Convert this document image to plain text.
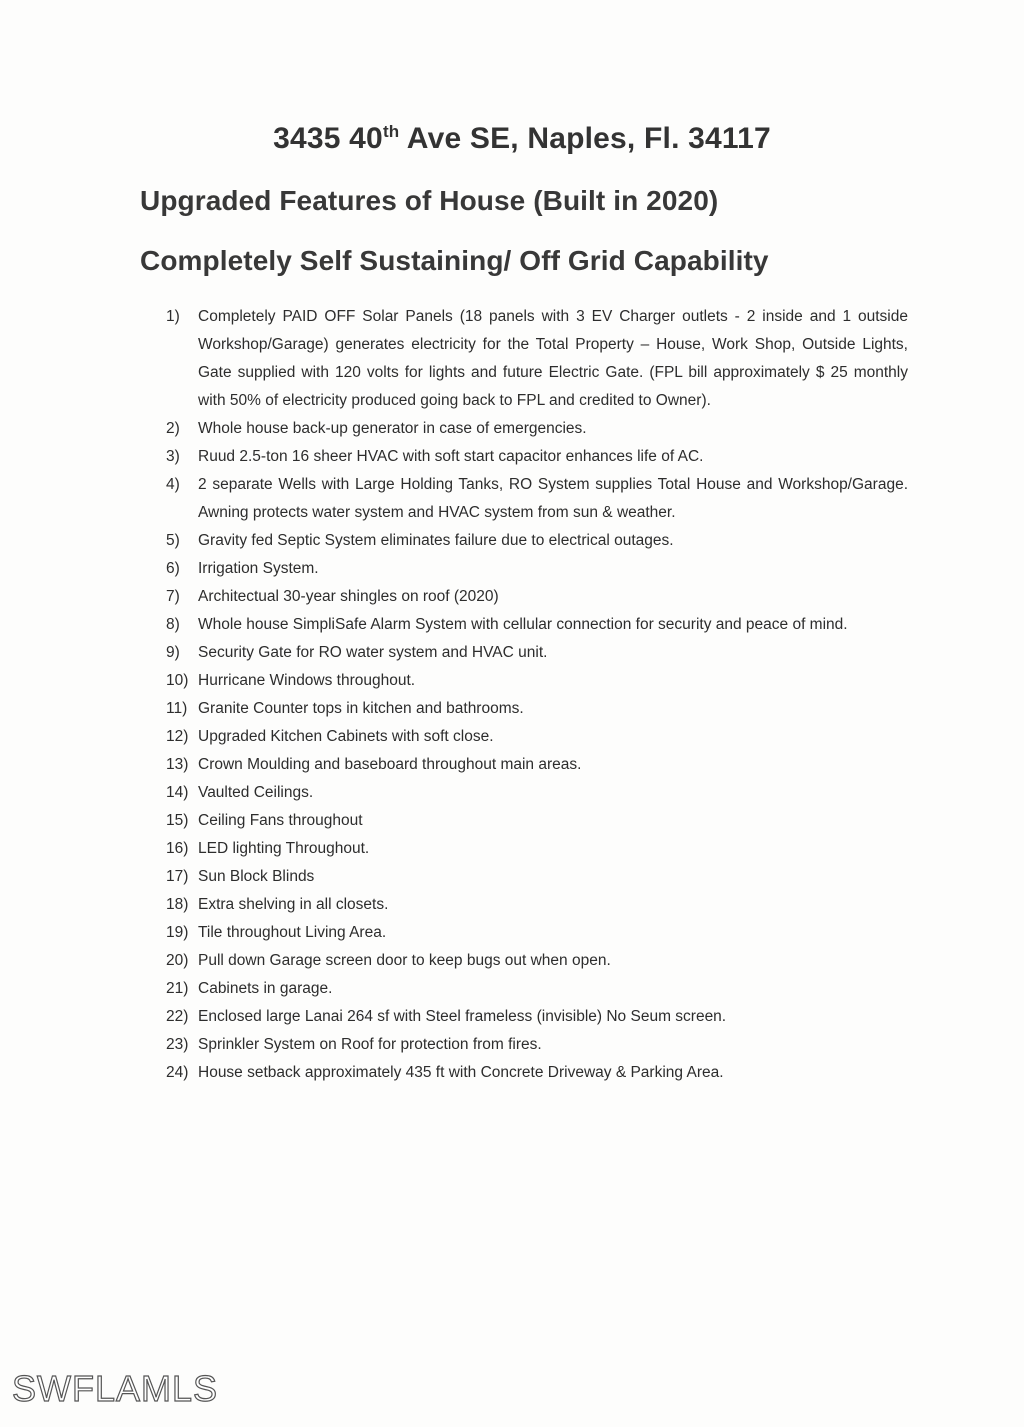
3435 40th Ave SE, Naples, Fl. 34117
Upgraded Features of House (Built in 2020)
Completely Self Sustaining/ Off Grid Capability
1)	Completely PAID OFF Solar Panels (18 panels with 3 EV Charger outlets - 2 inside and 1 outside Workshop/Garage) generates electricity for the Total Property – House, Work Shop, Outside Lights, Gate supplied with 120 volts for lights and future Electric Gate. (FPL bill approximately $ 25 monthly with 50% of electricity produced going back to FPL and credited to Owner).
2)	Whole house back-up generator in case of emergencies.
3)	Ruud 2.5-ton 16 sheer HVAC with soft start capacitor enhances life of AC.
4)	2 separate Wells with Large Holding Tanks, RO System supplies Total House and Workshop/Garage. Awning protects water system and HVAC system from sun & weather.
5)	Gravity fed Septic System eliminates failure due to electrical outages.
6)	Irrigation System.
7)	Architectual 30-year shingles on roof (2020)
8)	Whole house SimpliSafe Alarm System with cellular connection for security and peace of mind.
9)	Security Gate for RO water system and HVAC unit.
10) Hurricane Windows throughout.
11) Granite Counter tops in kitchen and bathrooms.
12) Upgraded Kitchen Cabinets with soft close.
13) Crown Moulding and baseboard throughout main areas.
14) Vaulted Ceilings.
15) Ceiling Fans throughout
16) LED lighting Throughout.
17) Sun Block Blinds
18) Extra shelving in all closets.
19) Tile throughout Living Area.
20) Pull down Garage screen door to keep bugs out when open.
21) Cabinets in garage.
22) Enclosed large Lanai 264 sf with Steel frameless (invisible) No Seum screen.
23) Sprinkler System on Roof for protection from fires.
24) House setback approximately 435 ft with Concrete Driveway & Parking Area.
SWFLAMLS
